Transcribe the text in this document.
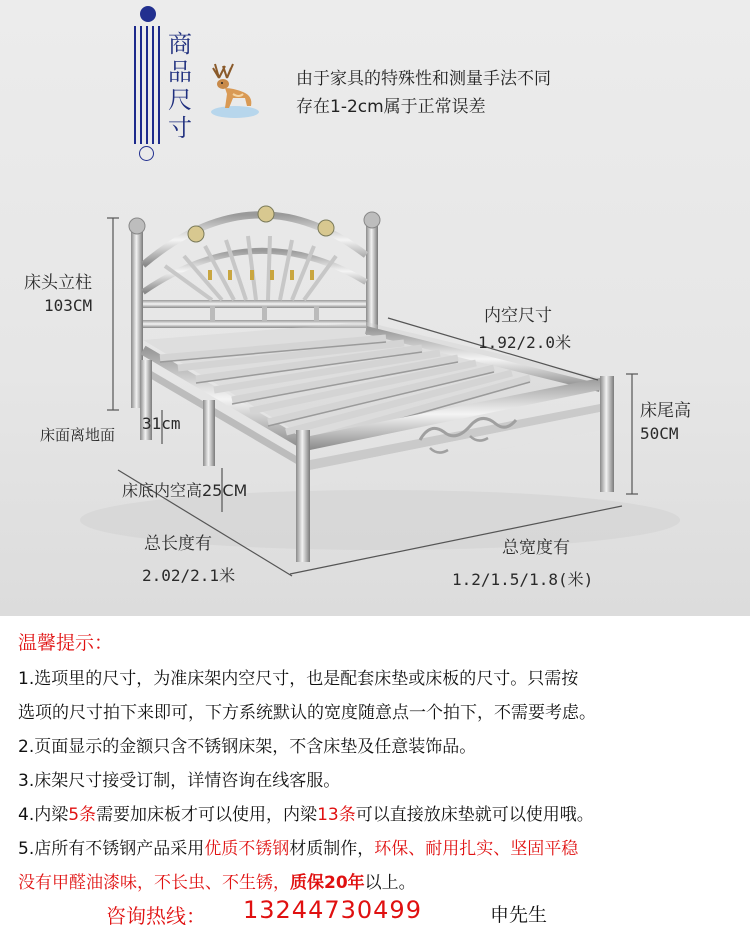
商品尺寸
由于家具的特殊性和测量手法不同
存在1-2cm属于正常误差
床头立柱
103CM
内空尺寸
1.92/2.0米
31cm
床面离地面
床尾高
50CM
床底内空高25CM
总长度有
2.02/2.1米
总宽度有
1.2/1.5/1.8(米)
温馨提示：
1.选项里的尺寸，为准床架内空尺寸，也是配套床垫或床板的尺寸。只需按
选项的尺寸拍下来即可，下方系统默认的宽度随意点一个拍下，不需要考虑。
2.页面显示的金额只含不锈钢床架，不含床垫及任意装饰品。
3.床架尺寸接受订制，详情咨询在线客服。
4.内梁5条需要加床板才可以使用，内梁13条可以直接放床垫就可以使用哦。
5.店所有不锈钢产品采用优质不锈钢材质制作，环保、耐用扎实、坚固平稳
没有甲醛油漆味，不长虫、不生锈，质保20年以上。
咨询热线： 13244730499	申先生
